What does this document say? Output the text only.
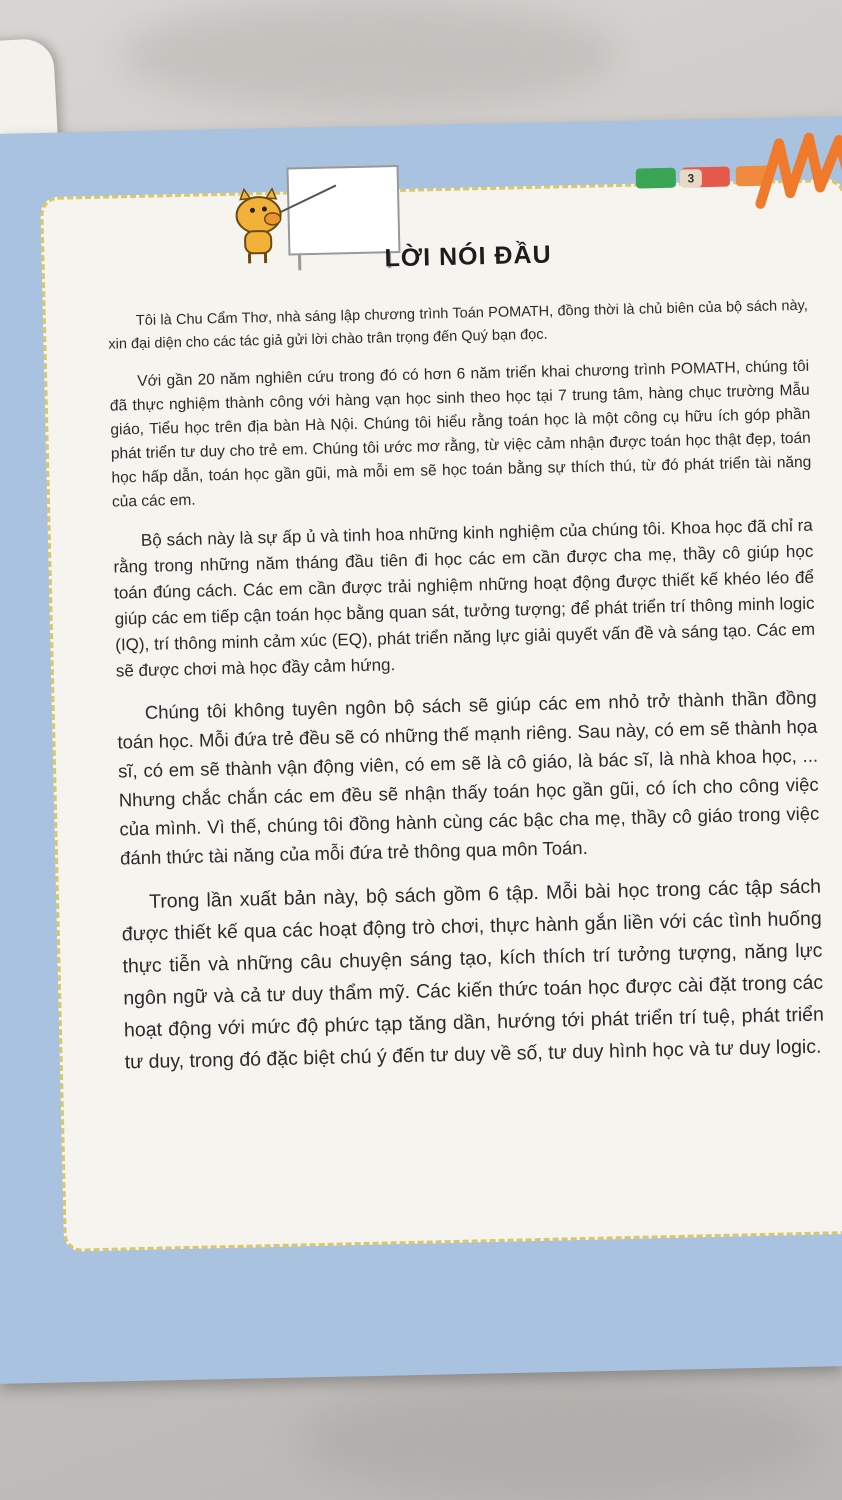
3
LỜI NÓI ĐẦU

Tôi là Chu Cẩm Thơ, nhà sáng lập chương trình Toán POMATH, đồng thời là chủ biên của bộ sách này, xin đại diện cho các tác giả gửi lời chào trân trọng đến Quý bạn đọc.

Với gần 20 năm nghiên cứu trong đó có hơn 6 năm triển khai chương trình POMATH, chúng tôi đã thực nghiệm thành công với hàng vạn học sinh theo học tại 7 trung tâm, hàng chục trường Mẫu giáo, Tiểu học trên địa bàn Hà Nội. Chúng tôi hiểu rằng toán học là một công cụ hữu ích góp phần phát triển tư duy cho trẻ em. Chúng tôi ước mơ rằng, từ việc cảm nhận được toán học thật đẹp, toán học hấp dẫn, toán học gần gũi, mà mỗi em sẽ học toán bằng sự thích thú, từ đó phát triển tài năng của các em.

Bộ sách này là sự ấp ủ và tinh hoa những kinh nghiệm của chúng tôi. Khoa học đã chỉ ra rằng trong những năm tháng đầu tiên đi học các em cần được cha mẹ, thầy cô giúp học toán đúng cách. Các em cần được trải nghiệm những hoạt động được thiết kế khéo léo để giúp các em tiếp cận toán học bằng quan sát, tưởng tượng; để phát triển trí thông minh logic (IQ), trí thông minh cảm xúc (EQ), phát triển năng lực giải quyết vấn đề và sáng tạo. Các em sẽ được chơi mà học đầy cảm hứng.

Chúng tôi không tuyên ngôn bộ sách sẽ giúp các em nhỏ trở thành thần đồng toán học. Mỗi đứa trẻ đều sẽ có những thế mạnh riêng. Sau này, có em sẽ thành họa sĩ, có em sẽ thành vận động viên, có em sẽ là cô giáo, là bác sĩ, là nhà khoa học, ... Nhưng chắc chắn các em đều sẽ nhận thấy toán học gần gũi, có ích cho công việc của mình. Vì thế, chúng tôi đồng hành cùng các bậc cha mẹ, thầy cô giáo trong việc đánh thức tài năng của mỗi đứa trẻ thông qua môn Toán.

Trong lần xuất bản này, bộ sách gồm 6 tập. Mỗi bài học trong các tập sách được thiết kế qua các hoạt động trò chơi, thực hành gắn liền với các tình huống thực tiễn và những câu chuyện sáng tạo, kích thích trí tưởng tượng, năng lực ngôn ngữ và cả tư duy thẩm mỹ. Các kiến thức toán học được cài đặt trong các hoạt động với mức độ phức tạp tăng dần, hướng tới phát triển trí tuệ, phát triển tư duy, trong đó đặc biệt chú ý đến tư duy về số, tư duy hình học và tư duy logic.
